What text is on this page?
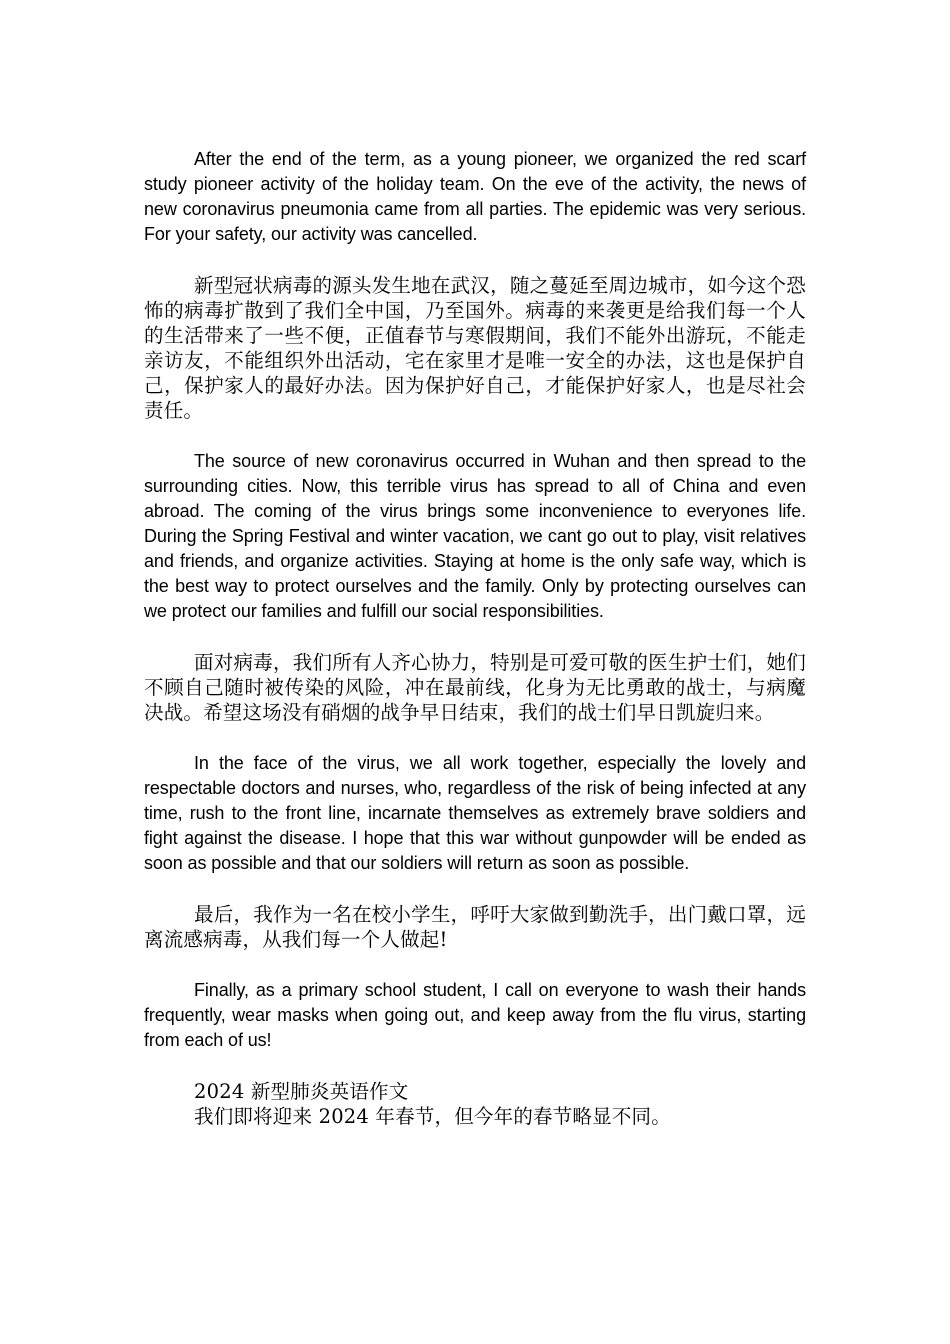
After the end of the term, as a young pioneer, we organized the red scarf study pioneer activity of the holiday team. On the eve of the activity, the news of new coronavirus pneumonia came from all parties. The epidemic was very serious. For your safety, our activity was cancelled.

新型冠状病毒的源头发生地在武汉，随之蔓延至周边城市，如今这个恐怖的病毒扩散到了我们全中国，乃至国外。病毒的来袭更是给我们每一个人的生活带来了一些不便，正值春节与寒假期间，我们不能外出游玩，不能走亲访友，不能组织外出活动，宅在家里才是唯一安全的办法，这也是保护自己，保护家人的最好办法。因为保护好自己，才能保护好家人，也是尽社会责任。

The source of new coronavirus occurred in Wuhan and then spread to the surrounding cities. Now, this terrible virus has spread to all of China and even abroad. The coming of the virus brings some inconvenience to everyones life. During the Spring Festival and winter vacation, we cant go out to play, visit relatives and friends, and organize activities. Staying at home is the only safe way, which is the best way to protect ourselves and the family. Only by protecting ourselves can we protect our families and fulfill our social responsibilities.

面对病毒，我们所有人齐心协力，特别是可爱可敬的医生护士们，她们不顾自己随时被传染的风险，冲在最前线，化身为无比勇敢的战士，与病魔决战。希望这场没有硝烟的战争早日结束，我们的战士们早日凯旋归来。

In the face of the virus, we all work together, especially the lovely and respectable doctors and nurses, who, regardless of the risk of being infected at any time, rush to the front line, incarnate themselves as extremely brave soldiers and fight against the disease. I hope that this war without gunpowder will be ended as soon as possible and that our soldiers will return as soon as possible.

最后，我作为一名在校小学生，呼吁大家做到勤洗手，出门戴口罩，远离流感病毒，从我们每一个人做起!

Finally, as a primary school student, I call on everyone to wash their hands frequently, wear masks when going out, and keep away from the flu virus, starting from each of us!

2024 新型肺炎英语作文

我们即将迎来 2024 年春节，但今年的春节略显不同。
